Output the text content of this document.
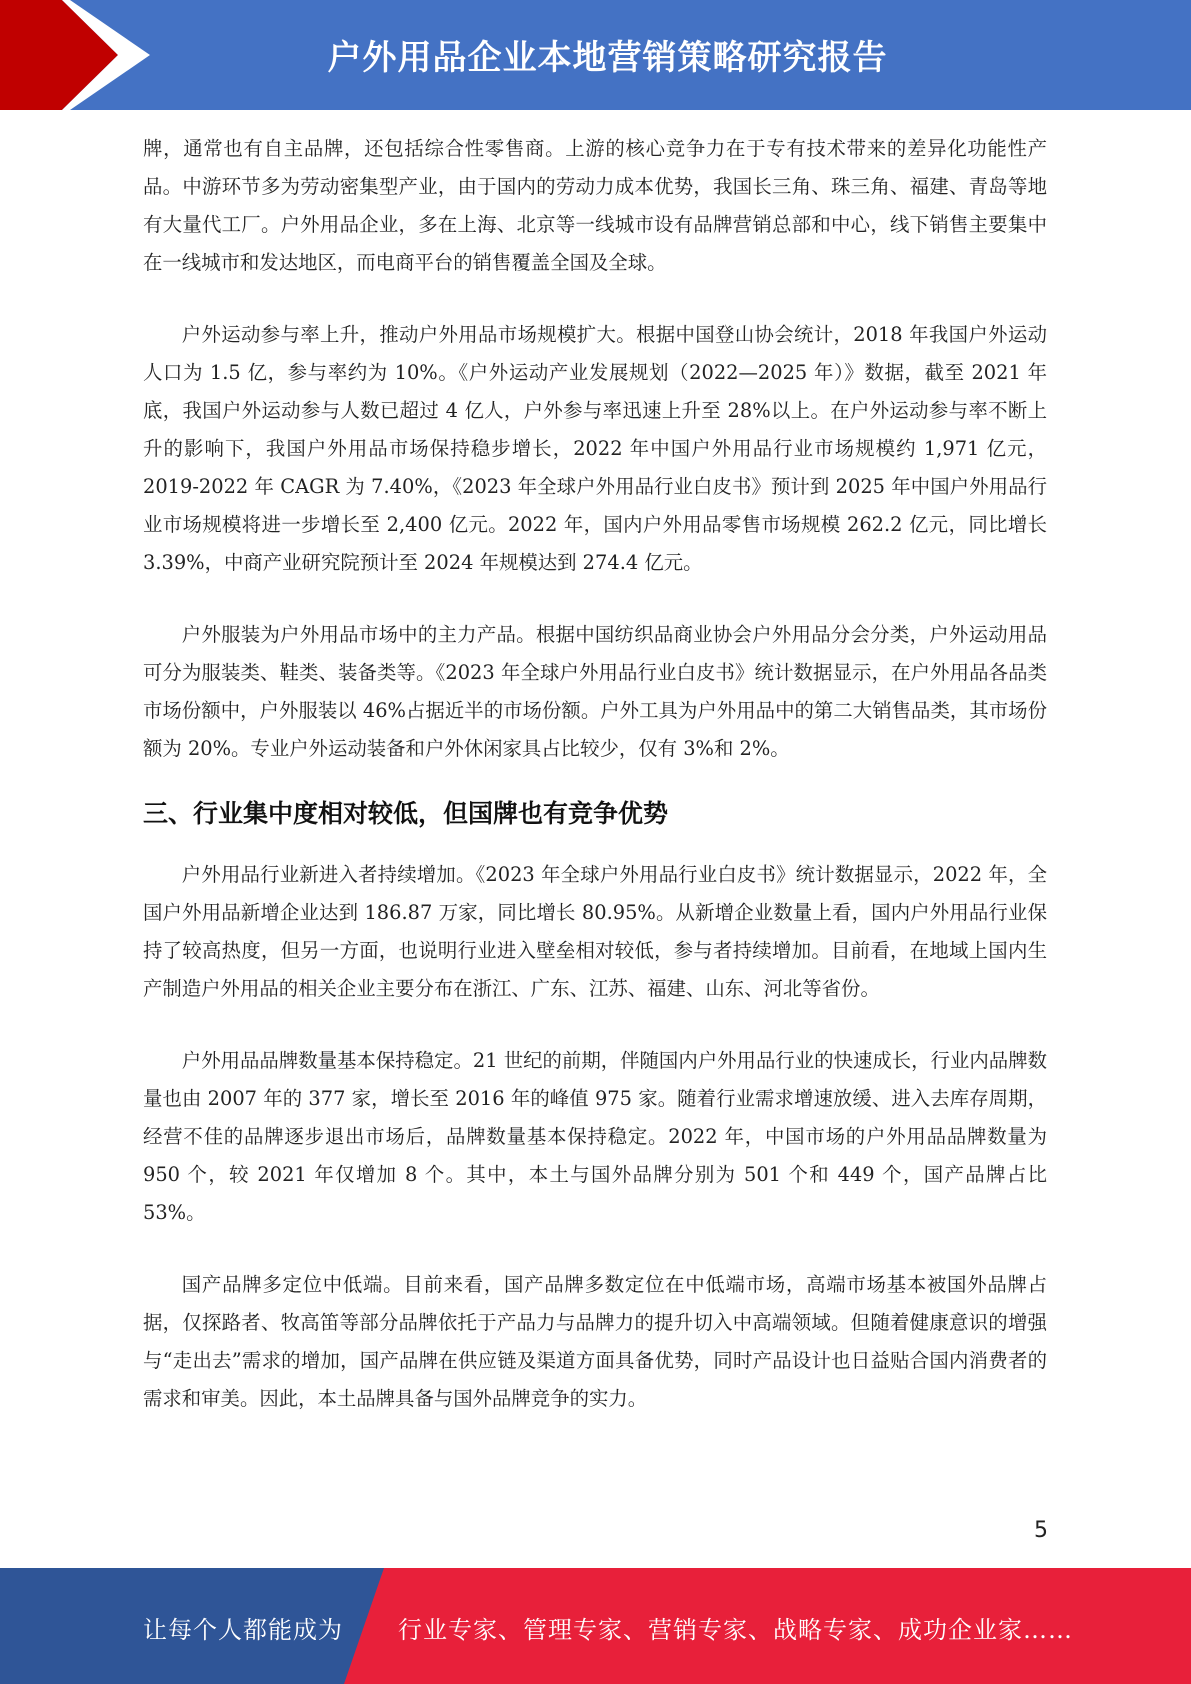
户外用品企业本地营销策略研究报告

牌，通常也有自主品牌，还包括综合性零售商。上游的核心竞争力在于专有技术带来的差异化功能性产品。中游环节多为劳动密集型产业，由于国内的劳动力成本优势，我国长三角、珠三角、福建、青岛等地有大量代工厂。户外用品企业，多在上海、北京等一线城市设有品牌营销总部和中心，线下销售主要集中在一线城市和发达地区，而电商平台的销售覆盖全国及全球。

户外运动参与率上升，推动户外用品市场规模扩大。根据中国登山协会统计，2018 年我国户外运动人口为 1.5 亿，参与率约为 10%。《户外运动产业发展规划（2022—2025 年）》数据，截至 2021 年底，我国户外运动参与人数已超过 4 亿人，户外参与率迅速上升至 28%以上。在户外运动参与率不断上升的影响下，我国户外用品市场保持稳步增长，2022 年中国户外用品行业市场规模约 1,971 亿元，2019-2022 年 CAGR 为 7.40%，《2023 年全球户外用品行业白皮书》预计到 2025 年中国户外用品行业市场规模将进一步增长至 2,400 亿元。2022 年，国内户外用品零售市场规模 262.2 亿元，同比增长 3.39%，中商产业研究院预计至 2024 年规模达到 274.4 亿元。

户外服装为户外用品市场中的主力产品。根据中国纺织品商业协会户外用品分会分类，户外运动用品可分为服装类、鞋类、装备类等。《2023 年全球户外用品行业白皮书》统计数据显示，在户外用品各品类市场份额中，户外服装以 46%占据近半的市场份额。户外工具为户外用品中的第二大销售品类，其市场份额为 20%。专业户外运动装备和户外休闲家具占比较少，仅有 3%和 2%。

三、行业集中度相对较低，但国牌也有竞争优势

户外用品行业新进入者持续增加。《2023 年全球户外用品行业白皮书》统计数据显示，2022 年，全国户外用品新增企业达到 186.87 万家，同比增长 80.95%。从新增企业数量上看，国内户外用品行业保持了较高热度，但另一方面，也说明行业进入壁垒相对较低，参与者持续增加。目前看，在地域上国内生产制造户外用品的相关企业主要分布在浙江、广东、江苏、福建、山东、河北等省份。

户外用品品牌数量基本保持稳定。21 世纪的前期，伴随国内户外用品行业的快速成长，行业内品牌数量也由 2007 年的 377 家，增长至 2016 年的峰值 975 家。随着行业需求增速放缓、进入去库存周期，经营不佳的品牌逐步退出市场后，品牌数量基本保持稳定。2022 年，中国市场的户外用品品牌数量为 950 个，较 2021 年仅增加 8 个。其中，本土与国外品牌分别为 501 个和 449 个，国产品牌占比 53%。

国产品牌多定位中低端。目前来看，国产品牌多数定位在中低端市场，高端市场基本被国外品牌占据，仅探路者、牧高笛等部分品牌依托于产品力与品牌力的提升切入中高端领域。但随着健康意识的增强与“走出去”需求的增加，国产品牌在供应链及渠道方面具备优势，同时产品设计也日益贴合国内消费者的需求和审美。因此，本土品牌具备与国外品牌竞争的实力。

5
让每个人都能成为 行业专家、管理专家、营销专家、战略专家、成功企业家……
